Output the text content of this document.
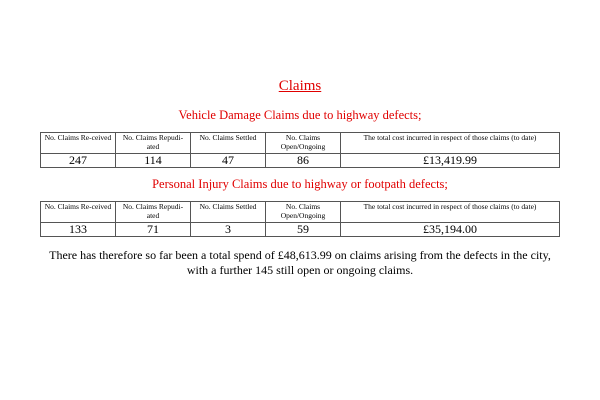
Claims
Vehicle Damage Claims due to highway defects;
No. Claims Re-ceived	No. Claims Repudi-ated	No. Claims Settled	No. Claims Open/Ongoing	The total cost incurred in respect of those claims (to date)
247	114	47	86	£13,419.99
Personal Injury Claims due to highway or footpath defects;
No. Claims Re-ceived	No. Claims Repudi-ated	No. Claims Settled	No. Claims Open/Ongoing	The total cost incurred in respect of those claims (to date)
133	71	3	59	£35,194.00
There has therefore so far been a total spend of £48,613.99 on claims arising from the defects in the city, with a further 145 still open or ongoing claims.
